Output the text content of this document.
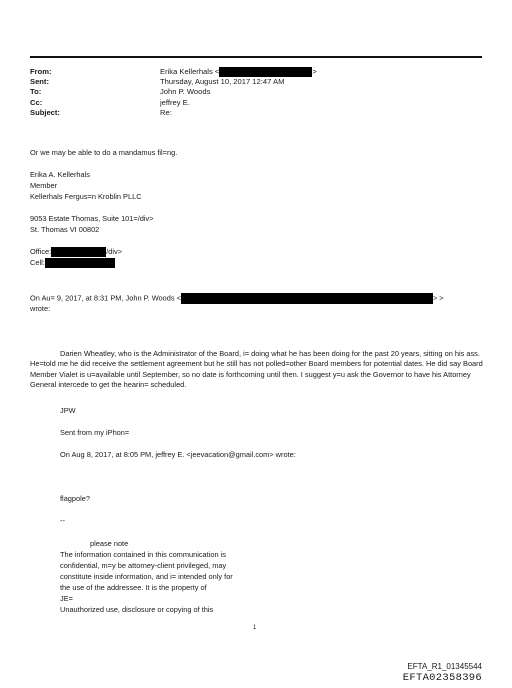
From:	Erika Kellerhals <	>
Sent:	Thursday, August 10, 2017 12:47 AM
To:	John P. Woods
Cc:	jeffrey E.
Subject:	Re:
Or we may be able to do a mandamus fil=ng.
Erika A. Kellerhals
Member
Kellerhals Fergus=n Kroblin PLLC
9053 Estate Thomas, Suite 101=/div>
St. Thomas VI 00802
Office:	/div>
Cell:
On Au= 9, 2017, at 8:31 PM, John P. Woods <	> >
wrote:
Darien Wheatley, who is the Administrator of the Board, i= doing what he has been doing for the past 20 years, sitting on his ass. He=told me he did receive the settlement agreement but he still has not polled=other Board members for potential dates. He did say Board Member Vialet is u=available until September, so no date is forthcoming until then. I suggest y=u ask the Governor to have his Attorney General intercede to get the hearin= scheduled.
JPW
Sent from my iPhon=
On Aug 8, 2017, at 8:05 PM, jeffrey E. <jeevacation@gmail.com> wrote:
flagpole?
--
please note
The information contained in this communication is
confidential, m=y be attorney-client privileged, may
constitute inside information, and i= intended only for
the use of the addressee. It is the property of
JE=
Unauthorized use, disclosure or copying of this
1
EFTA_R1_01345544
EFTA02358396
